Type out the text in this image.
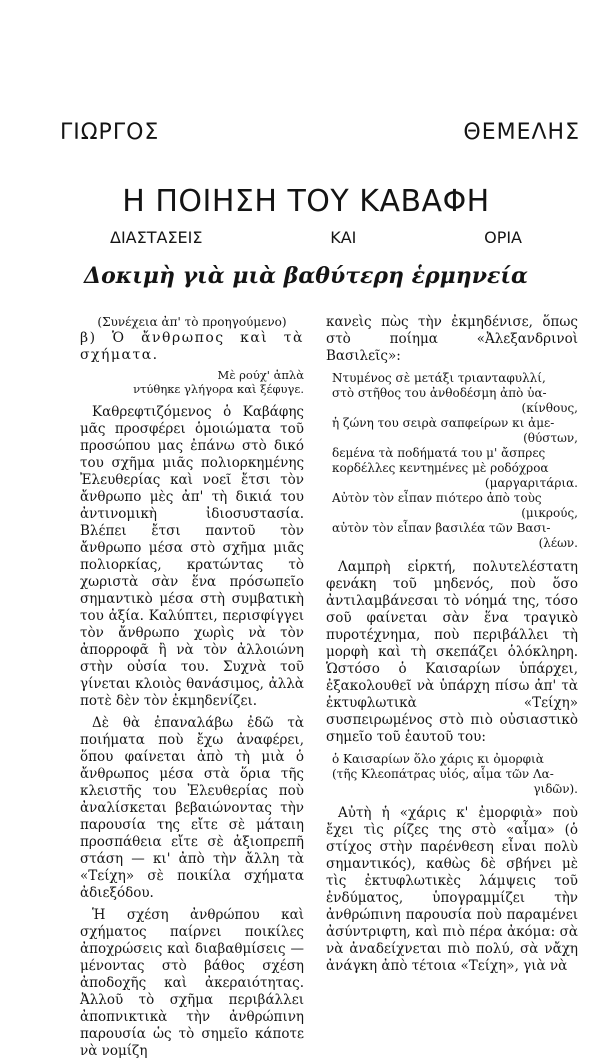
ΓΙΩΡΓΟΣ ΘΕΜΕΛΗΣ
Η ΠΟΙΗΣΗ ΤΟΥ ΚΑΒΑΦΗ
ΔΙΑΣΤΑΣΕΙΣ ΚΑΙ ΟΡΙΑ
Δοκιμὴ γιὰ μιὰ βαθύτερη ἑρμηνεία

(Συνέχεια ἀπ' τὸ προηγούμενο)

β) Ὁ ἄνθρωπος καὶ τὰ

σχήματα.

Μὲ ρούχ' ἁπλὰ
ντύθηκε γλήγορα καὶ ξέφυγε.

Καθρεφτιζόμενος ὁ Καβάφης μᾶς προσφέρει ὁμοιώματα τοῦ προσώπου μας ἐπάνω στὸ δικό του σχῆμα μιᾶς πολιορκημένης Ἐλευθερίας καὶ νοεῖ ἔτσι τὸν ἄνθρωπο μὲς ἀπ' τὴ δικιά του ἀντινομικὴ ἰδιοσυστασία. Βλέπει ἔτσι παντοῦ τὸν ἄνθρωπο μέσα στὸ σχῆμα μιᾶς πολιορκίας, κρατώντας τὸ χωριστὰ σὰν ἕνα πρόσωπεῖο σημαντικὸ μέσα στὴ συμβατικὴ του ἀξία. Καλύπτει, περισφίγγει τὸν ἄνθρωπο χωρὶς νὰ τὸν ἀπορροφᾶ ἢ νὰ τὸν ἀλλοιώνη στὴν οὐσία του. Συχνὰ τοῦ γίνεται κλοιὸς θανάσιμος, ἀλλὰ ποτὲ δὲν τὸν ἐκμηδενίζει.

Δὲ θὰ ἐπαναλάβω ἐδῶ τὰ ποιήματα ποὺ ἔχω ἀναφέρει, ὅπου φαίνεται ἀπὸ τὴ μιὰ ὁ ἄνθρωπος μέσα στὰ ὅρια τῆς κλειστῆς του Ἐλευθερίας ποὺ ἀναλίσκεται βεβαιώνοντας τὴν παρουσία της εἴτε σὲ μάταιη προσπάθεια εἴτε σὲ ἀξιοπρεπῆ στάση — κι' ἀπὸ τὴν ἄλλη τὰ «Τείχη» σὲ ποικίλα σχήματα ἀδιεξόδου.

Ἡ σχέση ἀνθρώπου καὶ σχήματος παίρνει ποικίλες ἀποχρώσεις καὶ διαβαθμίσεις — μένοντας στὸ βάθος σχέση ἀποδοχῆς καὶ ἀκεραιότητας. Ἀλλοῦ τὸ σχῆμα περιβάλλει ἀποπνικτικὰ τὴν ἀνθρώπινη παρουσία ὡς τὸ σημεῖο κάποτε νὰ νομίζη

κανεὶς πὼς τὴν ἐκμηδένισε, ὅπως στὸ ποίημα «Ἀλεξανδρινοὶ Βασιλεῖς»:

Ντυμένος σὲ μετάξι τριανταφυλλί,
στὸ στῆθος του ἀνθοδέσμη ἀπὸ ὑα-
(κίνθους,
ἡ ζώνη του σειρὰ σαπφείρων κι ἀμε-
(θύστων,
δεμένα τὰ ποδήματά του μ' ἄσπρες
κορδέλλες κεντημένες μὲ ροδόχροα
(μαργαριτάρια.
Αὐτὸν τὸν εἶπαν πιότερο ἀπὸ τοὺς
(μικρούς,
αὐτὸν τὸν εἶπαν βασιλέα τῶν Βασι-
(λέων.

Λαμπρὴ εἱρκτή, πολυτελέστατη φενάκη τοῦ μηδενός, ποὺ ὅσο ἀντιλαμβάνεσαι τὸ νόημά της, τόσο σοῦ φαίνεται σὰν ἕνα τραγικὸ πυροτέχνημα, ποὺ περιβάλλει τὴ μορφὴ καὶ τὴ σκεπάζει ὁλόκληρη. Ὡστόσο ὁ Καισαρίων ὑπάρχει, ἐξακολουθεῖ νὰ ὑπάρχη πίσω ἀπ' τὰ ἐκτυφλωτικὰ «Τείχη» συσπειρωμένος στὸ πιὸ οὐσιαστικὸ σημεῖο τοῦ ἑαυτοῦ του:

ὁ Καισαρίων ὅλο χάρις κι ὀμορφιὰ
(τῆς Κλεοπάτρας υἱός, αἷμα τῶν Λα-
γιδῶν).

Αὐτὴ ἡ «χάρις κ' ἐμορφιὰ» ποὺ ἔχει τὶς ρίζες της στὸ «αἷμα» (ὁ στίχος στὴν παρένθεση εἶναι πολὺ σημαντικός), καθὼς δὲ σβήνει μὲ τὶς ἐκτυφλωτικὲς λάμψεις τοῦ ἐνδύματος, ὑπογραμμίζει τὴν ἀνθρώπινη παρουσία ποὺ παραμένει ἀσύντριφτη, καὶ πιὸ πέρα ἀκόμα: σὰ νὰ ἀναδείχνεται πιὸ πολύ, σὰ νἄχη ἀνάγκη ἀπὸ τέτοια «Τείχη», γιὰ νὰ
